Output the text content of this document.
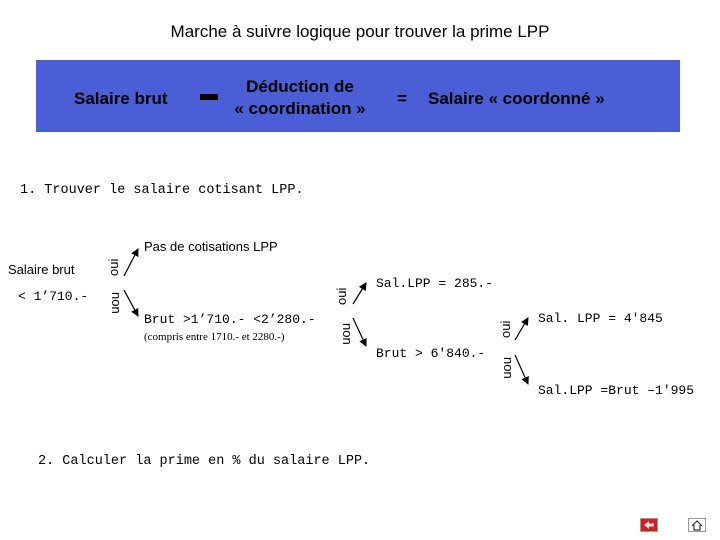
Marche à suivre logique pour trouver la prime LPP
Salaire brut
Déduction de
« coordination »
= Salaire « coordonné »
1. Trouver le salaire cotisant LPP.
Salaire brut
< 1’710.-
oui
non
Pas de cotisations LPP
Brut >1’710.- <2’280.-
(compris entre 1710.- et 2280.-)
oui
non
Sal.LPP = 285.-
Brut > 6'840.-
oui
non
Sal. LPP = 4'845
Sal.LPP =Brut –1'995
2. Calculer la prime en % du salaire LPP.
